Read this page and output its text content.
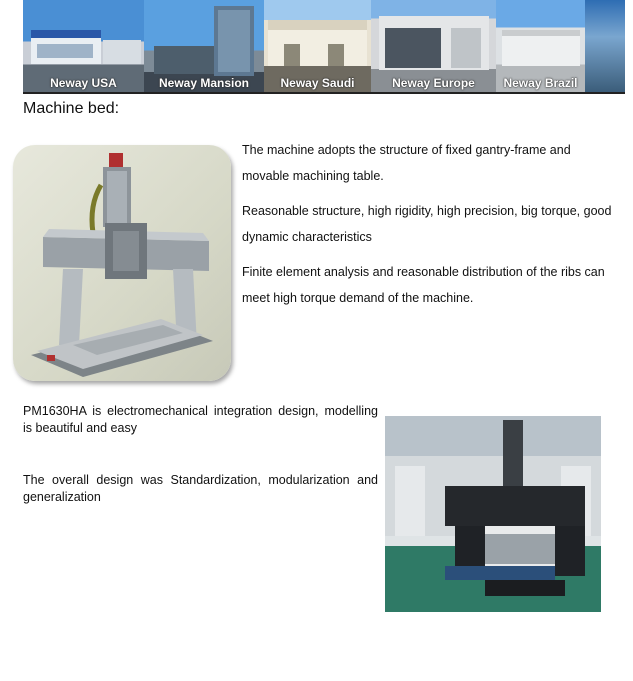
Neway USA	Neway Mansion	Neway Saudi	Neway Europe	Neway Brazil
Machine bed:
The machine adopts the structure of fixed gantry-frame and movable machining table.
Reasonable structure, high rigidity, high precision, big torque, good dynamic characteristics
Finite element analysis and reasonable distribution of the ribs can meet high torque demand of the machine.
PM1630HA is electromechanical integration design, modelling is beautiful and easy
The overall design was Standardization, modularization and generalization
